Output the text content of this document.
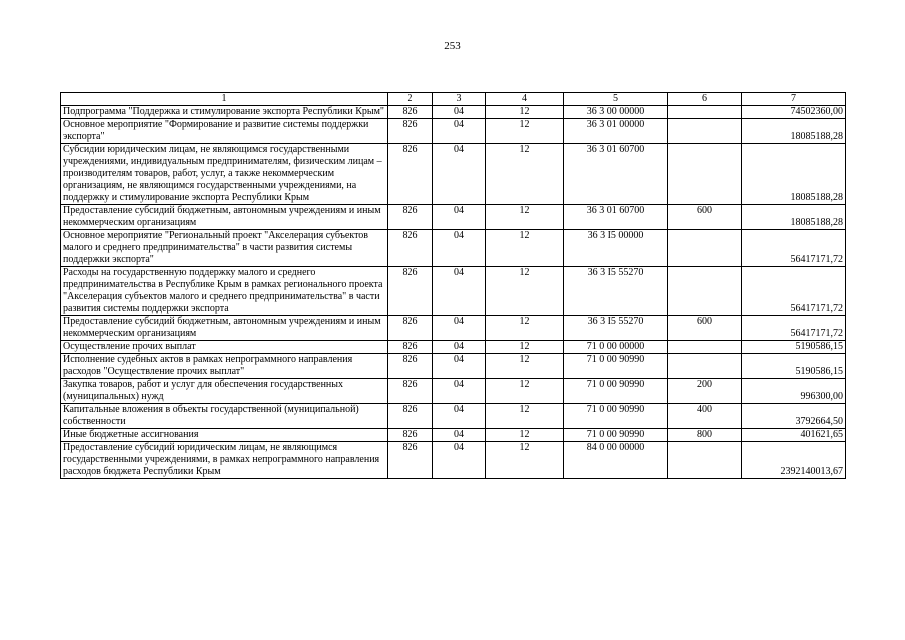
253
1	2	3	4	5	6	7
Подпрограмма "Поддержка и стимулирование экспорта Республики Крым"	826	04	12	36 3 00 00000		74502360,00
Основное мероприятие "Формирование и развитие системы поддержки экспорта"	826	04	12	36 3 01 00000		18085188,28
Субсидии юридическим лицам, не являющимся государственными учреждениями, индивидуальным предпринимателям, физическим лицам – производителям товаров, работ, услуг, а также некоммерческим организациям, не являющимся государственными учреждениями, на поддержку и стимулирование экспорта Республики Крым	826	04	12	36 3 01 60700		18085188,28
Предоставление субсидий бюджетным, автономным учреждениям и иным некоммерческим организациям	826	04	12	36 3 01 60700	600	18085188,28
Основное мероприятие "Региональный проект "Акселерация субъектов малого и среднего предпринимательства" в части развития системы поддержки экспорта"	826	04	12	36 3 I5 00000		56417171,72
Расходы на государственную поддержку малого и среднего предпринимательства в Республике Крым в рамках регионального проекта "Акселерация субъектов малого и среднего предпринимательства" в части развития системы поддержки экспорта	826	04	12	36 3 I5 55270		56417171,72
Предоставление субсидий бюджетным, автономным учреждениям и иным некоммерческим организациям	826	04	12	36 3 I5 55270	600	56417171,72
Осуществление прочих выплат	826	04	12	71 0 00 00000		5190586,15
Исполнение судебных актов в рамках непрограммного направления расходов "Осуществление прочих выплат"	826	04	12	71 0 00 90990		5190586,15
Закупка товаров, работ и услуг для обеспечения государственных (муниципальных) нужд	826	04	12	71 0 00 90990	200	996300,00
Капитальные вложения в объекты государственной (муниципальной) собственности	826	04	12	71 0 00 90990	400	3792664,50
Иные бюджетные ассигнования	826	04	12	71 0 00 90990	800	401621,65
Предоставление субсидий юридическим лицам, не являющимся государственными учреждениями, в рамках непрограммного направления расходов бюджета Республики Крым	826	04	12	84 0 00 00000		2392140013,67
